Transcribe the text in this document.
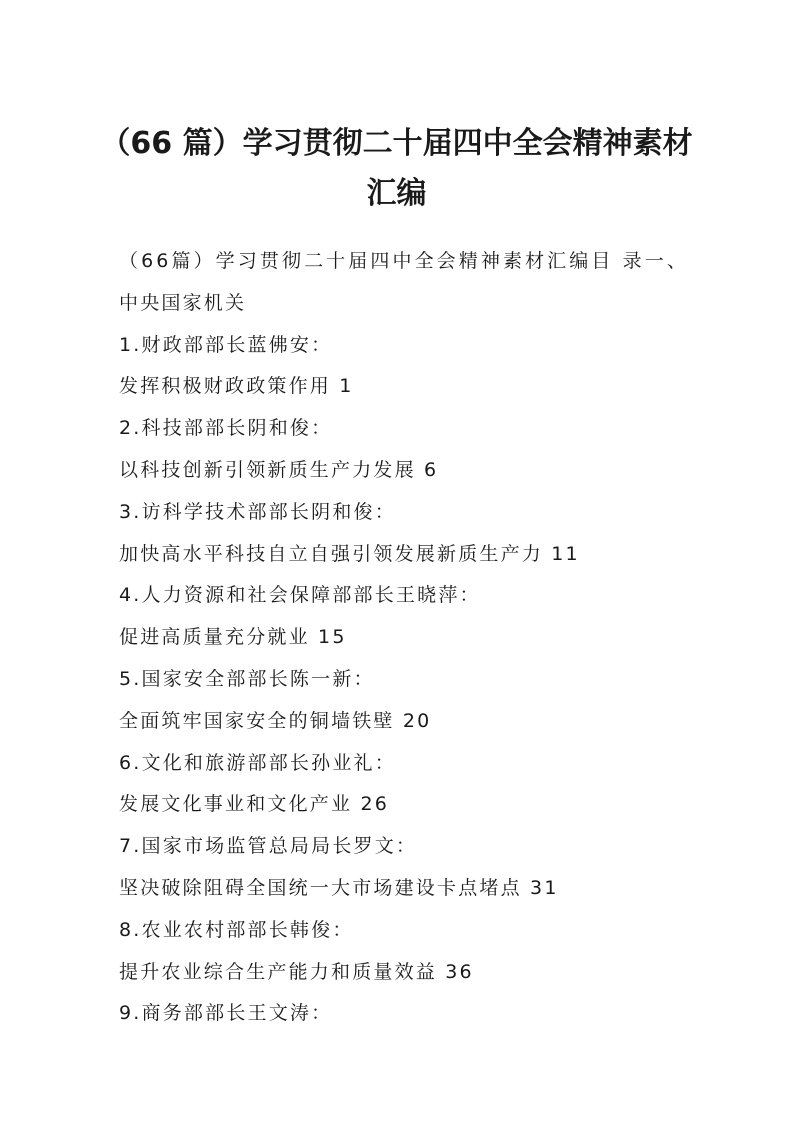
（66 篇）学习贯彻二十届四中全会精神素材
汇编
（66篇）学习贯彻二十届四中全会精神素材汇编目 录一、
中央国家机关
1.财政部部长蓝佛安：
发挥积极财政政策作用 1
2.科技部部长阴和俊：
以科技创新引领新质生产力发展 6
3.访科学技术部部长阴和俊：
加快高水平科技自立自强引领发展新质生产力 11
4.人力资源和社会保障部部长王晓萍：
促进高质量充分就业 15
5.国家安全部部长陈一新：
全面筑牢国家安全的铜墙铁壁 20
6.文化和旅游部部长孙业礼：
发展文化事业和文化产业 26
7.国家市场监管总局局长罗文：
坚决破除阻碍全国统一大市场建设卡点堵点 31
8.农业农村部部长韩俊：
提升农业综合生产能力和质量效益 36
9.商务部部长王文涛：
